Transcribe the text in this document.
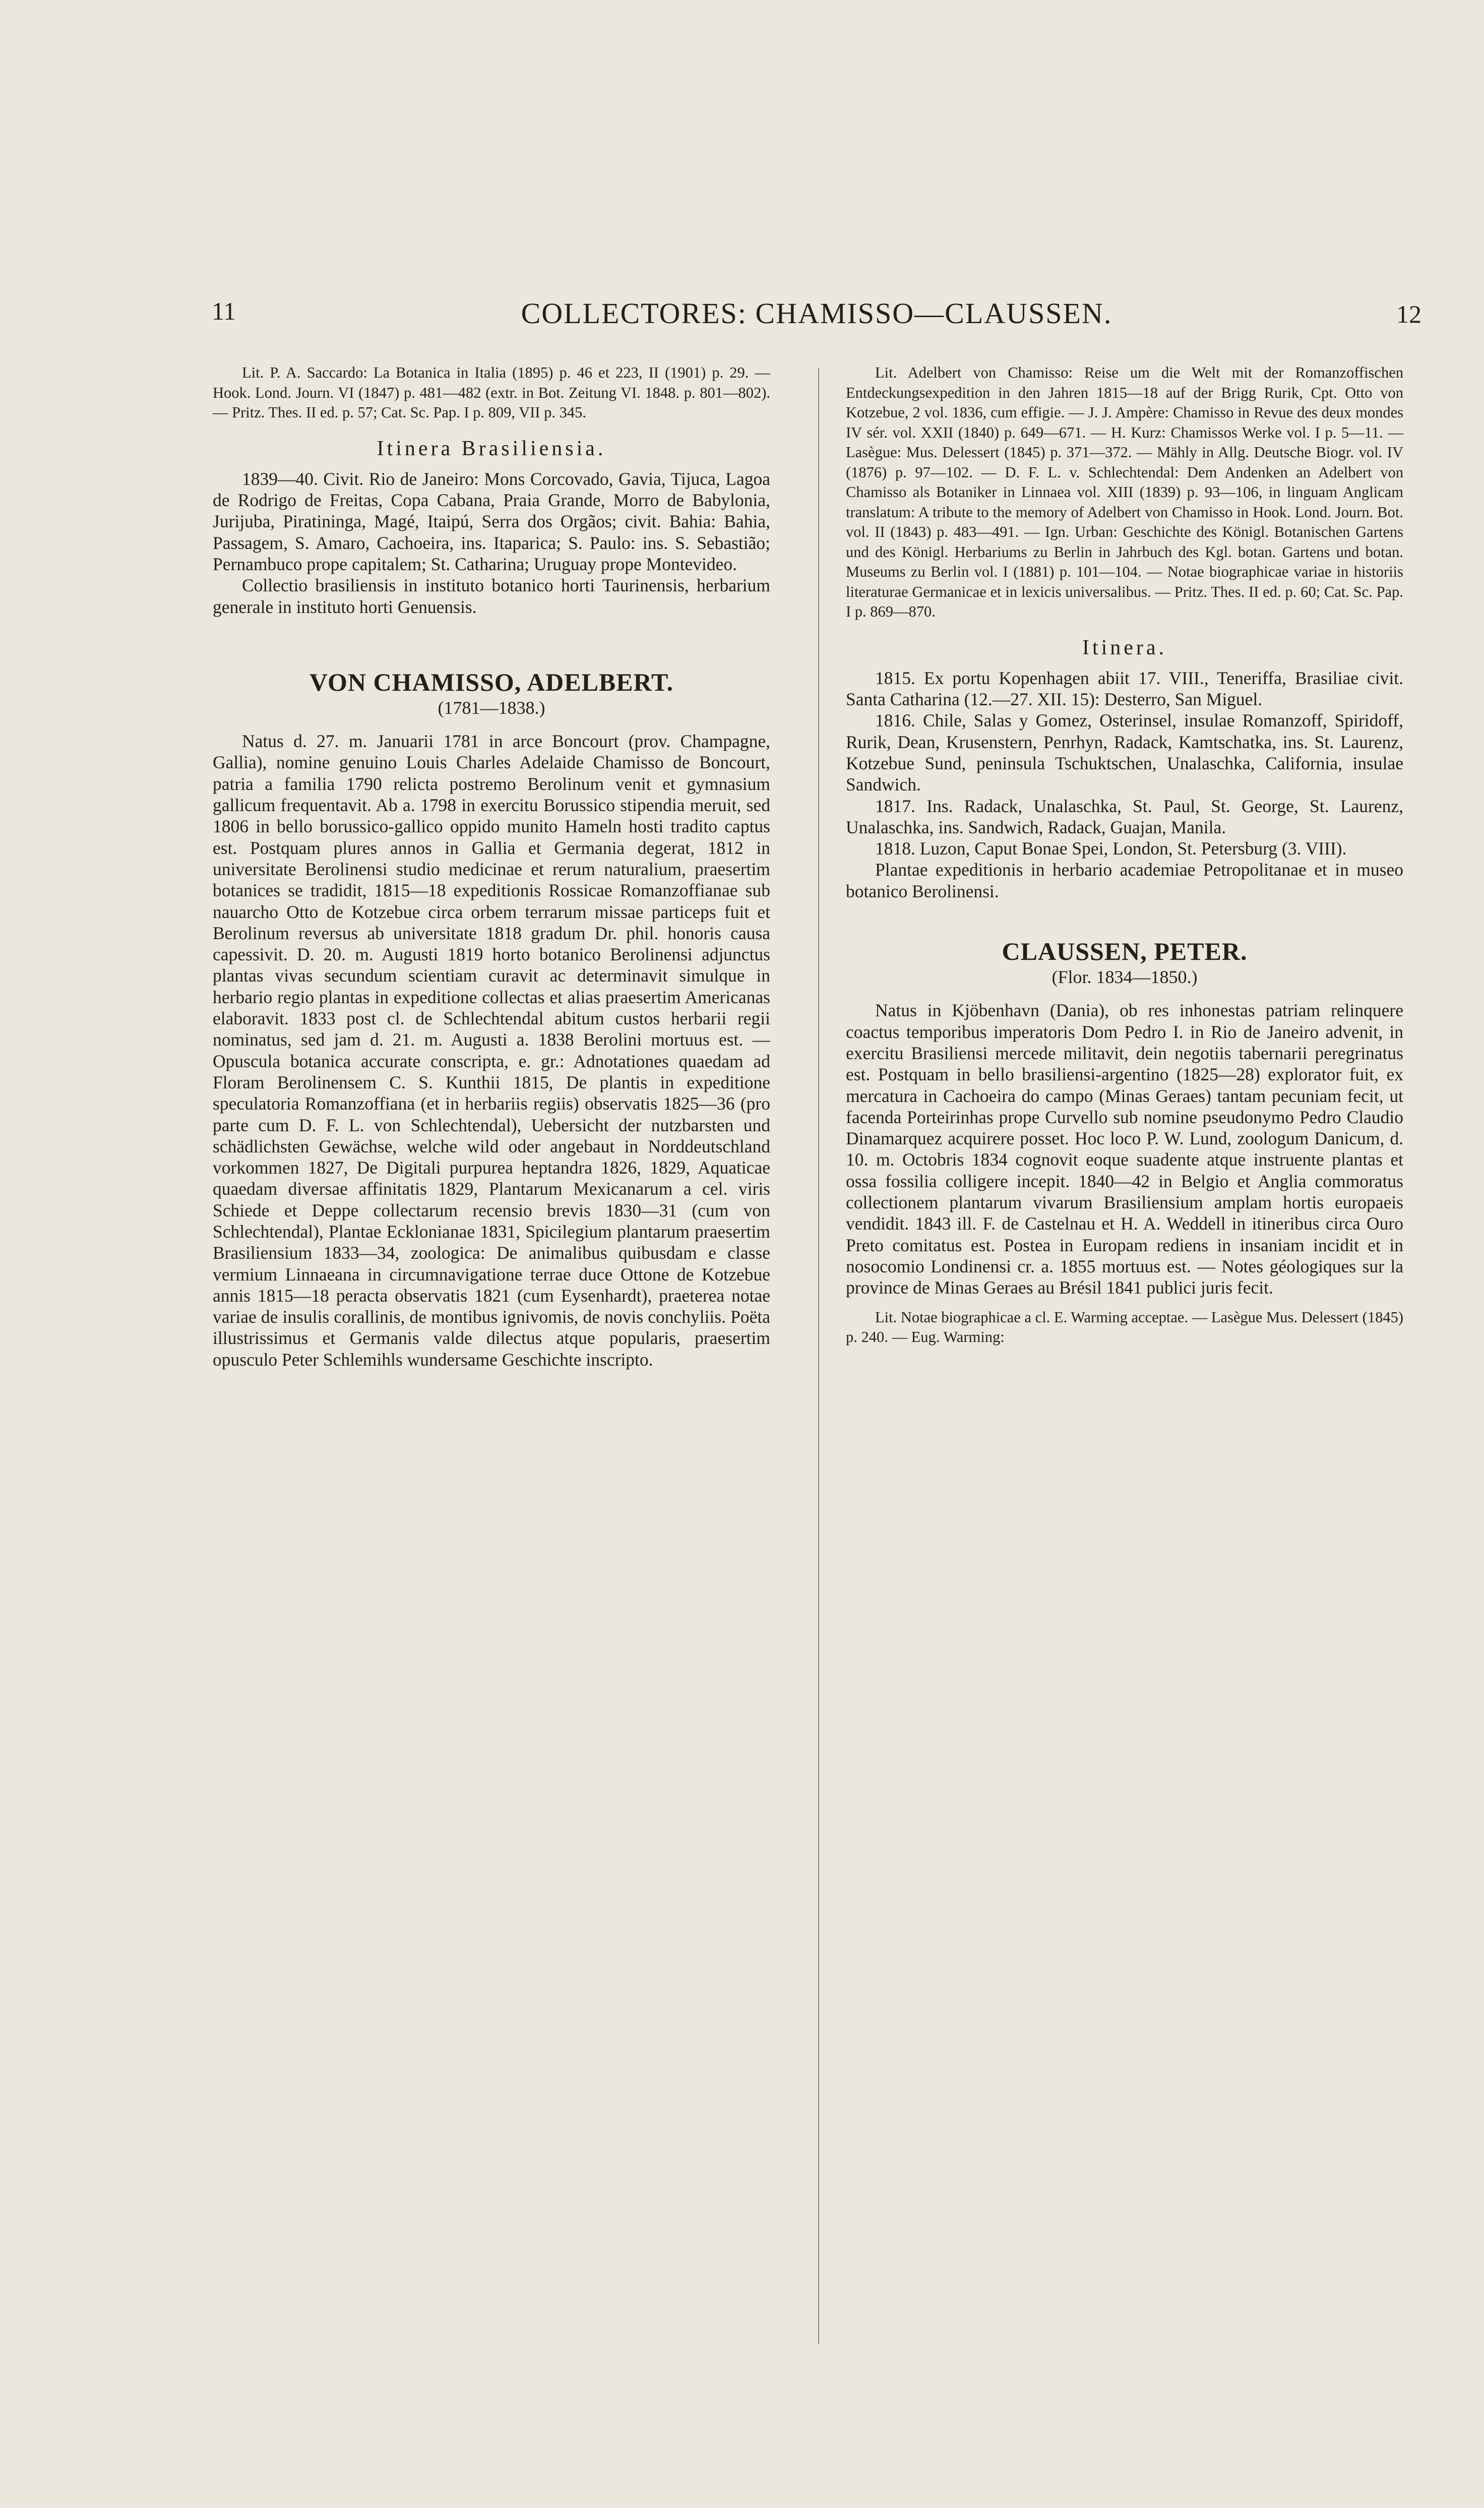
11	COLLECTORES: CHAMISSO—CLAUSSEN.	12

Lit. P. A. Saccardo: La Botanica in Italia (1895) p. 46 et 223, II (1901) p. 29. — Hook. Lond. Journ. VI (1847) p. 481—482 (extr. in Bot. Zeitung VI. 1848. p. 801—802). — Pritz. Thes. II ed. p. 57; Cat. Sc. Pap. I p. 809, VII p. 345.

Itinera Brasiliensia.

1839—40. Civit. Rio de Janeiro: Mons Corcovado, Gavia, Tijuca, Lagoa de Rodrigo de Freitas, Copa Cabana, Praia Grande, Morro de Babylonia, Jurijuba, Piratininga, Magé, Itaipú, Serra dos Orgãos; civit. Bahia: Bahia, Passagem, S. Amaro, Cachoeira, ins. Itaparica; S. Paulo: ins. S. Sebastião; Pernambuco prope capitalem; St. Catharina; Uruguay prope Montevideo.

Collectio brasiliensis in instituto botanico horti Taurinensis, herbarium generale in instituto horti Genuensis.

VON CHAMISSO, ADELBERT.
(1781—1838.)

Natus d. 27. m. Januarii 1781 in arce Boncourt (prov. Champagne, Gallia), nomine genuino Louis Charles Adelaide Chamisso de Boncourt, patria a familia 1790 relicta postremo Berolinum venit et gymnasium gallicum frequentavit. Ab a. 1798 in exercitu Borussico stipendia meruit, sed 1806 in bello borussico-gallico oppido munito Hameln hosti tradito captus est. Postquam plures annos in Gallia et Germania degerat, 1812 in universitate Berolinensi studio medicinae et rerum naturalium, praesertim botanices se tradidit, 1815—18 expeditionis Rossicae Romanzoffianae sub nauarcho Otto de Kotzebue circa orbem terrarum missae particeps fuit et Berolinum reversus ab universitate 1818 gradum Dr. phil. honoris causa capessivit. D. 20. m. Augusti 1819 horto botanico Berolinensi adjunctus plantas vivas secundum scientiam curavit ac determinavit simulque in herbario regio plantas in expeditione collectas et alias praesertim Americanas elaboravit. 1833 post cl. de Schlechtendal abitum custos herbarii regii nominatus, sed jam d. 21. m. Augusti a. 1838 Berolini mortuus est. — Opuscula botanica accurate conscripta, e. gr.: Adnotationes quaedam ad Floram Berolinensem C. S. Kunthii 1815, De plantis in expeditione speculatoria Romanzoffiana (et in herbariis regiis) observatis 1825—36 (pro parte cum D. F. L. von Schlechtendal), Uebersicht der nutzbarsten und schädlichsten Gewächse, welche wild oder angebaut in Norddeutschland vorkommen 1827, De Digitali purpurea heptandra 1826, 1829, Aquaticae quaedam diversae affinitatis 1829, Plantarum Mexicanarum a cel. viris Schiede et Deppe collectarum recensio brevis 1830—31 (cum von Schlechtendal), Plantae Ecklonianae 1831, Spicilegium plantarum praesertim Brasiliensium 1833—34, zoologica: De animalibus quibusdam e classe vermium Linnaeana in circumnavigatione terrae duce Ottone de Kotzebue annis 1815—18 peracta observatis 1821 (cum Eysenhardt), praeterea notae variae de insulis corallinis, de montibus ignivomis, de novis conchyliis. Poëta illustrissimus et Germanis valde dilectus atque popularis, praesertim opusculo Peter Schlemihls wundersame Geschichte inscripto.

Lit. Adelbert von Chamisso: Reise um die Welt mit der Romanzoffischen Entdeckungsexpedition in den Jahren 1815—18 auf der Brigg Rurik, Cpt. Otto von Kotzebue, 2 vol. 1836, cum effigie. — J. J. Ampère: Chamisso in Revue des deux mondes IV sér. vol. XXII (1840) p. 649—671. — H. Kurz: Chamissos Werke vol. I p. 5—11. — Lasègue: Mus. Delessert (1845) p. 371—372. — Mähly in Allg. Deutsche Biogr. vol. IV (1876) p. 97—102. — D. F. L. v. Schlechtendal: Dem Andenken an Adelbert von Chamisso als Botaniker in Linnaea vol. XIII (1839) p. 93—106, in linguam Anglicam translatum: A tribute to the memory of Adelbert von Chamisso in Hook. Lond. Journ. Bot. vol. II (1843) p. 483—491. — Ign. Urban: Geschichte des Königl. Botanischen Gartens und des Königl. Herbariums zu Berlin in Jahrbuch des Kgl. botan. Gartens und botan. Museums zu Berlin vol. I (1881) p. 101—104. — Notae biographicae variae in historiis literaturae Germanicae et in lexicis universalibus. — Pritz. Thes. II ed. p. 60; Cat. Sc. Pap. I p. 869—870.

Itinera.

1815. Ex portu Kopenhagen abiit 17. VIII., Teneriffa, Brasiliae civit. Santa Catharina (12.—27. XII. 15): Desterro, San Miguel.

1816. Chile, Salas y Gomez, Osterinsel, insulae Romanzoff, Spiridoff, Rurik, Dean, Krusenstern, Penrhyn, Radack, Kamtschatka, ins. St. Laurenz, Kotzebue Sund, peninsula Tschuktschen, Unalaschka, California, insulae Sandwich.

1817. Ins. Radack, Unalaschka, St. Paul, St. George, St. Laurenz, Unalaschka, ins. Sandwich, Radack, Guajan, Manila.

1818. Luzon, Caput Bonae Spei, London, St. Petersburg (3. VIII).

Plantae expeditionis in herbario academiae Petropolitanae et in museo botanico Berolinensi.

CLAUSSEN, PETER.
(Flor. 1834—1850.)

Natus in Kjöbenhavn (Dania), ob res inhonestas patriam relinquere coactus temporibus imperatoris Dom Pedro I. in Rio de Janeiro advenit, in exercitu Brasiliensi mercede militavit, dein negotiis tabernarii peregrinatus est. Postquam in bello brasiliensi-argentino (1825—28) explorator fuit, ex mercatura in Cachoeira do campo (Minas Geraes) tantam pecuniam fecit, ut facenda Porteirinhas prope Curvello sub nomine pseudonymo Pedro Claudio Dinamarquez acquirere posset. Hoc loco P. W. Lund, zoologum Danicum, d. 10. m. Octobris 1834 cognovit eoque suadente atque instruente plantas et ossa fossilia colligere incepit. 1840—42 in Belgio et Anglia commoratus collectionem plantarum vivarum Brasiliensium amplam hortis europaeis vendidit. 1843 ill. F. de Castelnau et H. A. Weddell in itineribus circa Ouro Preto comitatus est. Postea in Europam rediens in insaniam incidit et in nosocomio Londinensi cr. a. 1855 mortuus est. — Notes géologiques sur la province de Minas Geraes au Brésil 1841 publici juris fecit.

Lit. Notae biographicae a cl. E. Warming acceptae. — Lasègue Mus. Delessert (1845) p. 240. — Eug. Warming:
